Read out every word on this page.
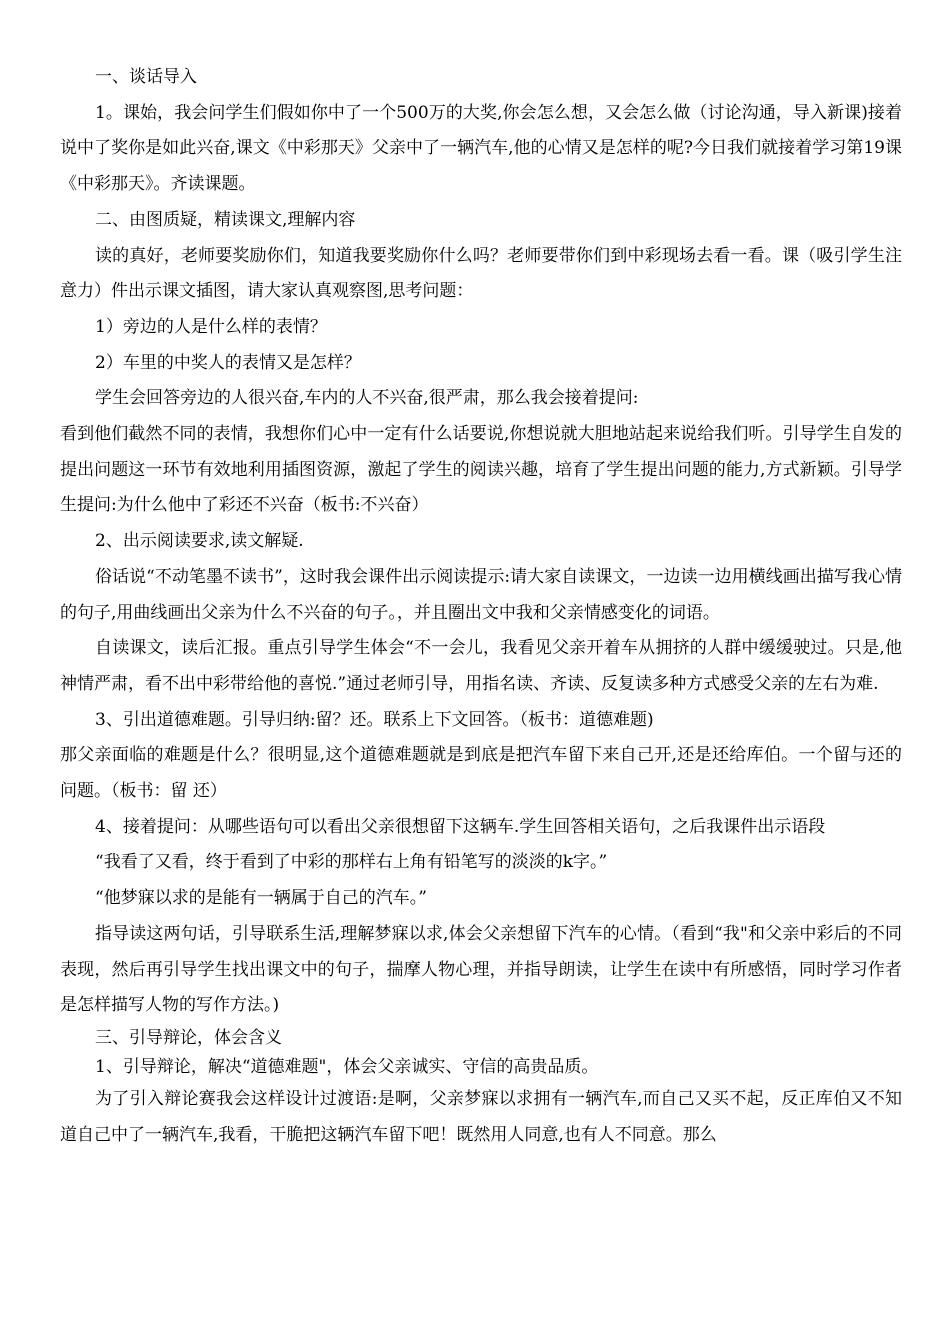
一、谈话导入

1。课始，我会问学生们假如你中了一个500万的大奖,你会怎么想，又会怎么做（讨论沟通，导入新课)接着说中了奖你是如此兴奋,课文《中彩那天》父亲中了一辆汽车,他的心情又是怎样的呢?今日我们就接着学习第19课《中彩那天》。齐读课题。

二、由图质疑，精读课文,理解内容

读的真好，老师要奖励你们，知道我要奖励你什么吗？老师要带你们到中彩现场去看一看。课（吸引学生注意力）件出示课文插图，请大家认真观察图,思考问题：

1）旁边的人是什么样的表情？

2）车里的中奖人的表情又是怎样？

学生会回答旁边的人很兴奋,车内的人不兴奋,很严肃，那么我会接着提问:

看到他们截然不同的表情，我想你们心中一定有什么话要说,你想说就大胆地站起来说给我们听。引导学生自发的提出问题这一环节有效地利用插图资源，激起了学生的阅读兴趣，培育了学生提出问题的能力,方式新颖。引导学生提问:为什么他中了彩还不兴奋（板书:不兴奋）

2、出示阅读要求,读文解疑.

俗话说“不动笔墨不读书”，这时我会课件出示阅读提示:请大家自读课文，一边读一边用横线画出描写我心情的句子,用曲线画出父亲为什么不兴奋的句子。，并且圈出文中我和父亲情感变化的词语。

自读课文，读后汇报。重点引导学生体会“不一会儿，我看见父亲开着车从拥挤的人群中缓缓驶过。只是,他神情严肃，看不出中彩带给他的喜悦.”通过老师引导，用指名读、齐读、反复读多种方式感受父亲的左右为难.

3、引出道德难题。引导归纳:留？还。联系上下文回答。（板书：道德难题)

那父亲面临的难题是什么？很明显,这个道德难题就是到底是把汽车留下来自己开,还是还给库伯。一个留与还的问题。（板书：留 还）

4、接着提问：从哪些语句可以看出父亲很想留下这辆车.学生回答相关语句，之后我课件出示语段

“我看了又看，终于看到了中彩的那样右上角有铅笔写的淡淡的k字。”

“他梦寐以求的是能有一辆属于自己的汽车。”

指导读这两句话，引导联系生活,理解梦寐以求,体会父亲想留下汽车的心情。（看到“我"和父亲中彩后的不同表现，然后再引导学生找出课文中的句子，揣摩人物心理，并指导朗读，让学生在读中有所感悟，同时学习作者是怎样描写人物的写作方法。)

三、引导辩论，体会含义

1、引导辩论，解决“道德难题"，体会父亲诚实、守信的高贵品质。

为了引入辩论赛我会这样设计过渡语:是啊，父亲梦寐以求拥有一辆汽车,而自己又买不起，反正库伯又不知道自己中了一辆汽车,我看，干脆把这辆汽车留下吧！既然用人同意,也有人不同意。那么
